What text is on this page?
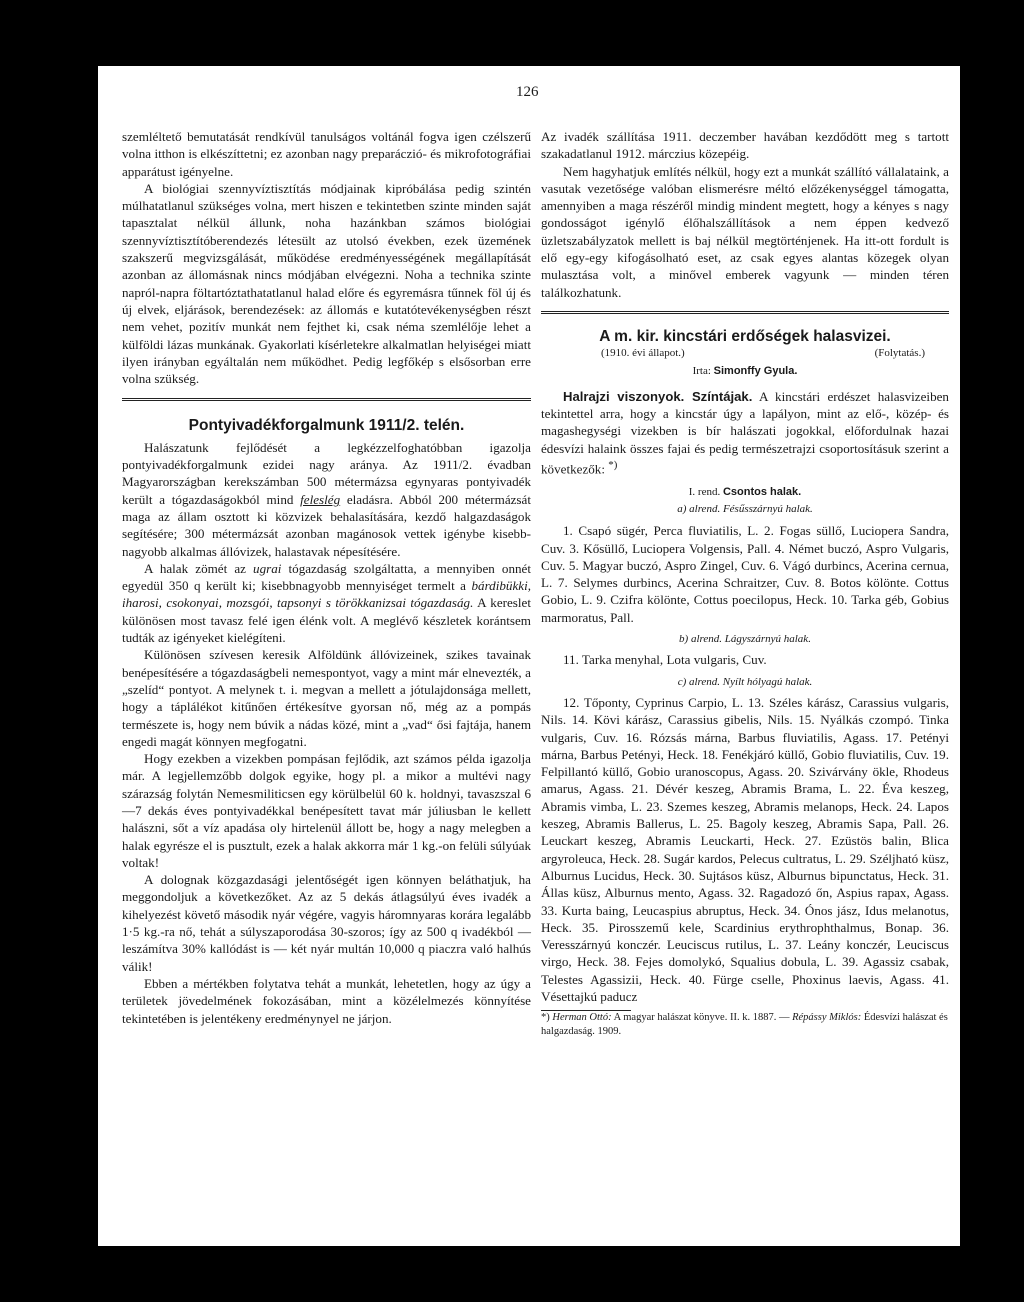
126

szemléltető bemutatását rendkívül tanulságos voltánál fogva igen czélszerű volna itthon is elkészíttetni; ez azonban nagy preparáczió- és mikrofotográfiai apparátust igényelne.

A biológiai szennyvíztisztítás módjainak kipróbálása pedig szintén múlhatatlanul szükséges volna, mert hiszen e tekintetben szinte minden saját tapasztalat nélkül állunk, noha hazánkban számos biológiai szennyvíztisztítóberendezés létesült az utolsó években, ezek üzemének szakszerű megvizsgálását, működése eredményességének megállapítását azonban az állomásnak nincs módjában elvégezni. Noha a technika szinte napról-napra föltartóztathatatlanul halad előre és egyremásra tűnnek föl új és új elvek, eljárások, berendezések: az állomás e kutatótevékenységben részt nem vehet, pozitív munkát nem fejthet ki, csak néma szemlélője lehet a külföldi lázas munkának. Gyakorlati kísérletekre alkalmatlan helyiségei miatt ilyen irányban egyáltalán nem működhet. Pedig legfőkép s elsősorban erre volna szükség.

Pontyivadékforgalmunk 1911/2. telén.

Halászatunk fejlődését a legkézzelfoghatóbban igazolja pontyivadékforgalmunk ezidei nagy aránya. Az 1911/2. évadban Magyarországban kerekszámban 500 métermázsa egynyaras pontyivadék került a tógazdaságokból mind feleslég eladásra. Abból 200 métermázsát maga az állam osztott ki közvizek behalasítására, kezdő halgazdaságok segítésére; 300 métermázsát azonban magánosok vettek igénybe kisebb-nagyobb alkalmas állóvizek, halastavak népesítésére.

A halak zömét az ugrai tógazdaság szolgáltatta, a mennyiben onnét egyedül 350 q került ki; kisebbnagyobb mennyiséget termelt a bárdibükki, iharosi, csokonyai, mozsgói, tapsonyi s törökkanizsai tógazdaság. A kereslet különösen most tavasz felé igen élénk volt. A meglévő készletek korántsem tudták az igényeket kielégíteni.

Különösen szívesen keresik Alföldünk állóvizeinek, szikes tavainak benépesítésére a tógazdaságbeli nemespontyot, vagy a mint már elnevezték, a „szelíd“ pontyot. A melynek t. i. megvan a mellett a jótulajdonsága mellett, hogy a táplálékot kitűnően értékesítve gyorsan nő, még az a pompás természete is, hogy nem búvik a nádas közé, mint a „vad“ ősi fajtája, hanem engedi magát könnyen megfogatni.

Hogy ezekben a vizekben pompásan fejlődik, azt számos példa igazolja már. A legjellemzőbb dolgok egyike, hogy pl. a mikor a multévi nagy szárazság folytán Nemesmiliticsen egy körülbelül 60 k. holdnyi, tavaszszal 6—7 dekás éves pontyivadékkal benépesített tavat már júliusban le kellett halászni, sőt a víz apadása oly hirtelenül állott be, hogy a nagy melegben a halak egyrésze el is pusztult, ezek a halak akkorra már 1 kg.-on felüli súlyúak voltak!

A dolognak közgazdasági jelentőségét igen könnyen beláthatjuk, ha meggondoljuk a következőket. Az az 5 dekás átlagsúlyú éves ivadék a kihelyezést követő második nyár végére, vagyis háromnyaras korára legalább 1·5 kg.-ra nő, tehát a súlyszaporodása 30-szoros; így az 500 q ivadékból — leszámítva 30% kallódást is — két nyár multán 10,000 q piaczra való halhús válik!

Ebben a mértékben folytatva tehát a munkát, lehetetlen, hogy az úgy a területek jövedelmének fokozásában, mint a közélelmezés könnyítése tekintetében is jelentékeny eredménynyel ne járjon.

Az ivadék szállítása 1911. deczember havában kezdődött meg s tartott szakadatlanul 1912. márczius közepéig.

Nem hagyhatjuk említés nélkül, hogy ezt a munkát szállító vállalataink, a vasutak vezetősége valóban elismerésre méltó előzékenységgel támogatta, amennyiben a maga részéről mindig mindent megtett, hogy a kényes s nagy gondosságot igénylő élőhalszállítások a nem éppen kedvező üzletszabályzatok mellett is baj nélkül megtörténjenek. Ha itt-ott fordult is elő egy-egy kifogásolható eset, az csak egyes alantas közegek olyan mulasztása volt, a minővel emberek vagyunk — minden téren találkozhatunk.

A m. kir. kincstári erdőségek halasvizei.
(1910. évi állapot.)	(Folytatás.)
Irta: Simonffy Gyula.

Halrajzi viszonyok. Színtájak. A kincstári erdészet halasvizeiben tekintettel arra, hogy a kincstár úgy a lapályon, mint az elő-, közép- és magashegységi vizekben is bír halászati jogokkal, előfordulnak hazai édesvízi halaink összes fajai és pedig természetrajzi csoportosításuk szerint a következők: *)

I. rend. Csontos halak.
a) alrend. Fésűsszárnyú halak.

1. Csapó sügér, Perca fluviatilis, L. 2. Fogas süllő, Luciopera Sandra, Cuv. 3. Kősüllő, Luciopera Volgensis, Pall. 4. Német buczó, Aspro Vulgaris, Cuv. 5. Magyar buczó, Aspro Zingel, Cuv. 6. Vágó durbincs, Acerina cernua, L. 7. Selymes durbincs, Acerina Schraitzer, Cuv. 8. Botos kölönte. Cottus Gobio, L. 9. Czifra kölönte, Cottus poecilopus, Heck. 10. Tarka géb, Gobius marmoratus, Pall.

b) alrend. Lágyszárnyú halak.

11. Tarka menyhal, Lota vulgaris, Cuv.

c) alrend. Nyílt hólyagú halak.

12. Tőponty, Cyprinus Carpio, L. 13. Széles kárász, Carassius vulgaris, Nils. 14. Kövi kárász, Carassius gibelis, Nils. 15. Nyálkás czompó. Tinka vulgaris, Cuv. 16. Rózsás márna, Barbus fluviatilis, Agass. 17. Petényi márna, Barbus Petényi, Heck. 18. Fenékjáró küllő, Gobio fluviatilis, Cuv. 19. Felpillantó küllő, Gobio uranoscopus, Agass. 20. Szivárvány ökle, Rhodeus amarus, Agass. 21. Dévér keszeg, Abramis Brama, L. 22. Éva keszeg, Abramis vimba, L. 23. Szemes keszeg, Abramis melanops, Heck. 24. Lapos keszeg, Abramis Ballerus, L. 25. Bagoly keszeg, Abramis Sapa, Pall. 26. Leuckart keszeg, Abramis Leuckarti, Heck. 27. Ezüstös balin, Blica argyroleuca, Heck. 28. Sugár kardos, Pelecus cultratus, L. 29. Széljható küsz, Alburnus Lucidus, Heck. 30. Sujtásos küsz, Alburnus bipunctatus, Heck. 31. Állas küsz, Alburnus mento, Agass. 32. Ragadozó őn, Aspius rapax, Agass. 33. Kurta baing, Leucaspius abruptus, Heck. 34. Ónos jász, Idus melanotus, Heck. 35. Pirosszemű kele, Scardinius erythrophthalmus, Bonap. 36. Veresszárnyú konczér. Leuciscus rutilus, L. 37. Leány konczér, Leuciscus virgo, Heck. 38. Fejes domolykó, Squalius dobula, L. 39. Agassiz csabak, Telestes Agassizii, Heck. 40. Fürge cselle, Phoxinus laevis, Agass. 41. Vésettajkú paducz

*) Herman Ottó: A magyar halászat könyve. II. k. 1887. — Répássy Miklós: Édesvízi halászat és halgazdaság. 1909.
